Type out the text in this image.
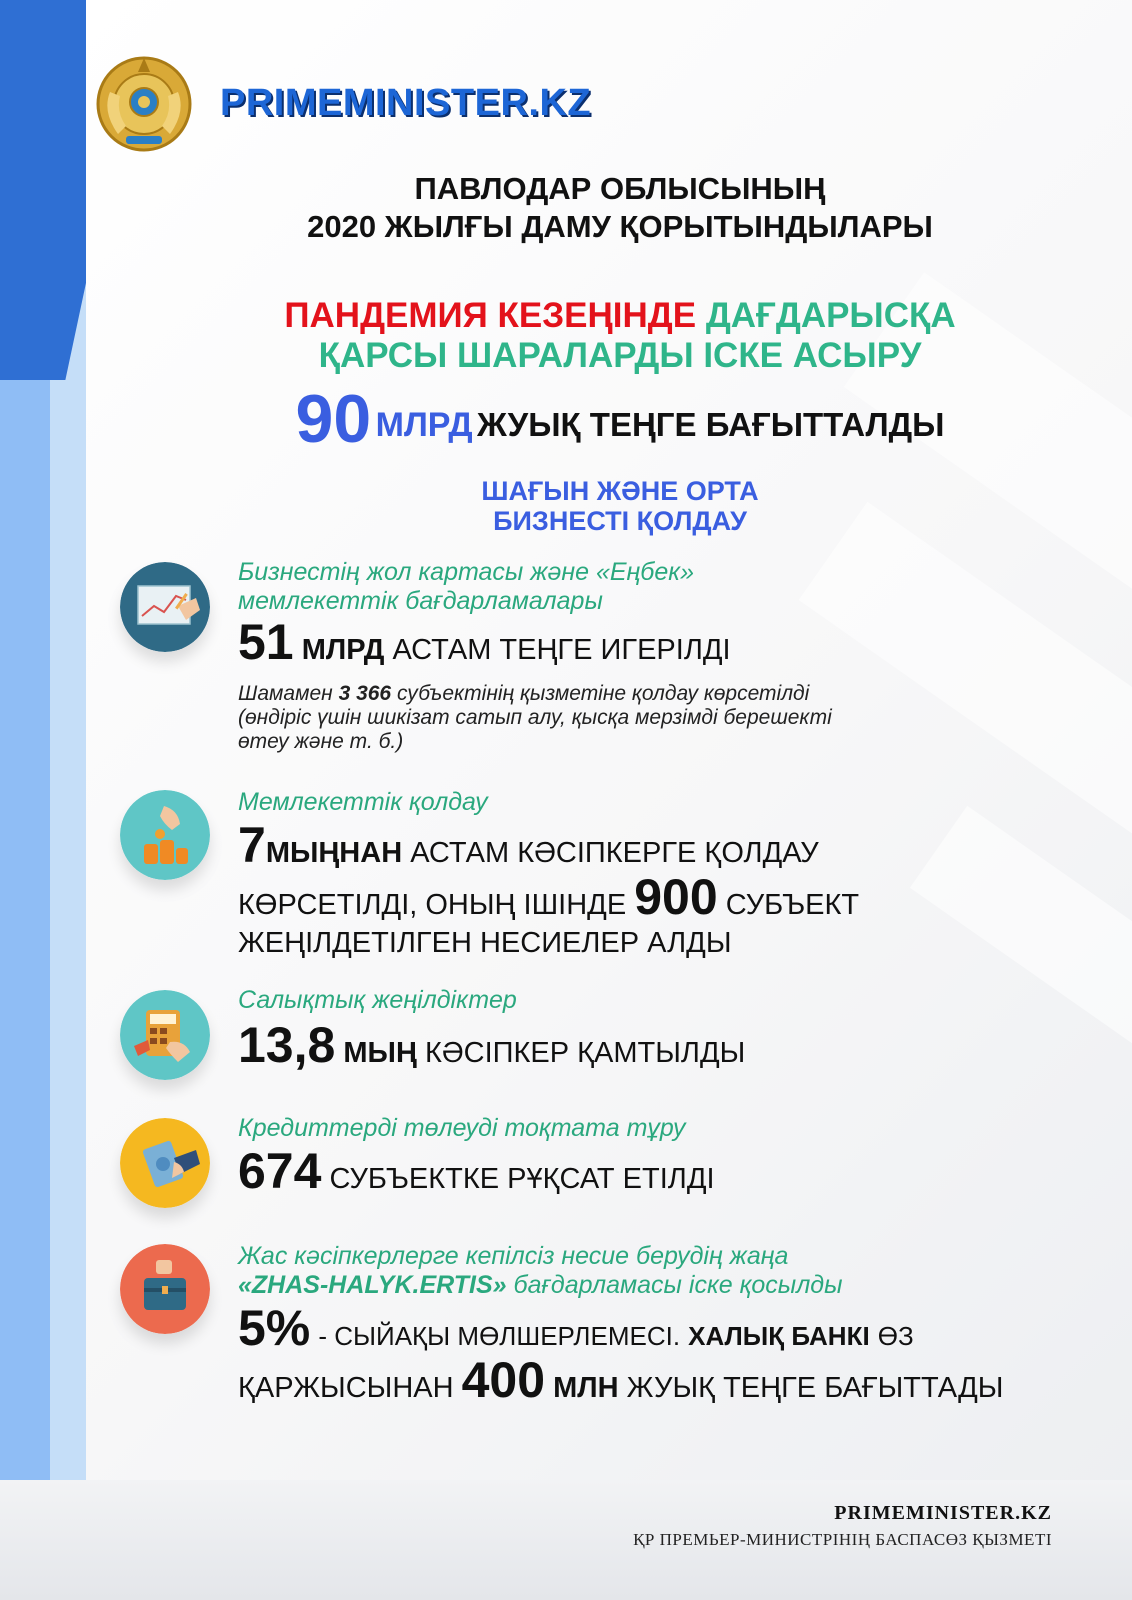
PRIMEMINISTER.KZ
ПАВЛОДАР ОБЛЫСЫНЫҢ
2020 ЖЫЛҒЫ ДАМУ ҚОРЫТЫНДЫЛАРЫ
ПАНДЕМИЯ КЕЗЕҢІНДЕ ДАҒДАРЫСҚА
ҚАРСЫ ШАРАЛАРДЫ ІСКЕ АСЫРУ
90 МЛРД ЖУЫҚ ТЕҢГЕ БАҒЫТТАЛДЫ
ШАҒЫН ЖӘНЕ ОРТА
БИЗНЕСТІ ҚОЛДАУ
Бизнестің жол картасы және «Еңбек»
мемлекеттік бағдарламалары
51 МЛРД АСТАМ ТЕҢГЕ ИГЕРІЛДІ
Шамамен 3 366 субъектінің қызметіне қолдау көрсетілді
(өндіріс үшін шикізат сатып алу, қысқа мерзімді берешекті
өтеу және т. б.)
Мемлекеттік қолдау
7МЫҢНАН АСТАМ КӘСІПКЕРГЕ ҚОЛДАУ
КӨРСЕТІЛДІ, ОНЫҢ ІШІНДЕ 900 СУБЪЕКТ
ЖЕҢІЛДЕТІЛГЕН НЕСИЕЛЕР АЛДЫ
Салықтық жеңілдіктер
13,8 МЫҢ КӘСІПКЕР ҚАМТЫЛДЫ
Кредиттерді төлеуді тоқтата тұру
674 СУБЪЕКТКЕ РҰҚСАТ ЕТІЛДІ
Жас кәсіпкерлерге кепілсіз несие берудің жаңа
«ZHAS-HALYK.ERTIS» бағдарламасы іске қосылды
5% - СЫЙАҚЫ МӨЛШЕРЛЕМЕСІ. ХАЛЫҚ БАНКІ ӨЗ
ҚАРЖЫСЫНАН 400 МЛН ЖУЫҚ ТЕҢГЕ БАҒЫТТАДЫ
PRIMEMINISTER.KZ
ҚР ПРЕМЬЕР-МИНИСТРІНІҢ БАСПАСӨЗ ҚЫЗМЕТІ
